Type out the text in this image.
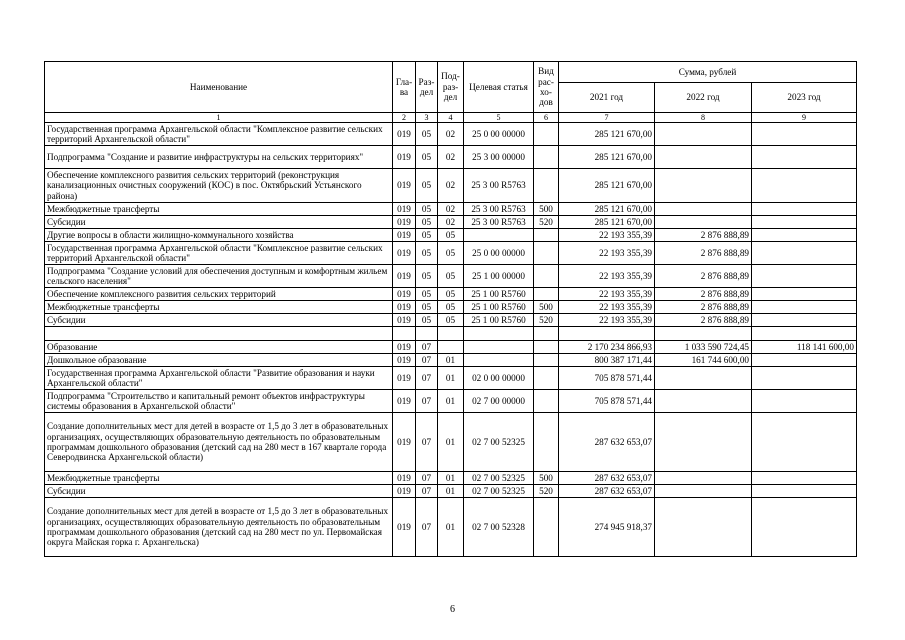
Наименование	Гла-ва	Раз-дел	Под-раз-дел	Целевая статья	Вид рас-хо-дов	Сумма, рублей		
						2021 год	2022 год	2023 год
1	2	3	4	5	6	7	8	9
Государственная программа Архангельской области "Комплексное развитие сельских территорий Архангельской области"	019	05	02	25 0 00 00000		285 121 670,00		
Подпрограмма "Создание и развитие инфраструктуры на сельских территориях"	019	05	02	25 3 00 00000		285 121 670,00		
Обеспечение комплексного развития сельских территорий (реконструкция канализационных очистных сооружений (КОС) в пос. Октябрьский Устьянского района)	019	05	02	25 3 00 R5763		285 121 670,00		
Межбюджетные трансферты	019	05	02	25 3 00 R5763	500	285 121 670,00		
Субсидии	019	05	02	25 3 00 R5763	520	285 121 670,00		
Другие вопросы в области жилищно-коммунального хозяйства	019	05	05			22 193 355,39	2 876 888,89	
Государственная программа Архангельской области "Комплексное развитие сельских территорий Архангельской области"	019	05	05	25 0 00 00000		22 193 355,39	2 876 888,89	
Подпрограмма "Создание условий для обеспечения доступным и комфортным жильем сельского населения"	019	05	05	25 1 00 00000		22 193 355,39	2 876 888,89	
Обеспечение комплексного развития сельских территорий	019	05	05	25 1 00 R5760		22 193 355,39	2 876 888,89	
Межбюджетные трансферты	019	05	05	25 1 00 R5760	500	22 193 355,39	2 876 888,89	
Субсидии	019	05	05	25 1 00 R5760	520	22 193 355,39	2 876 888,89	

Образование	019	07				2 170 234 866,93	1 033 590 724,45	118 141 600,00
Дошкольное образование	019	07	01			800 387 171,44	161 744 600,00	
Государственная программа Архангельской области "Развитие образования и науки Архангельской области"	019	07	01	02 0 00 00000		705 878 571,44		
Подпрограмма "Строительство и капитальный ремонт объектов инфраструктуры системы образования в Архангельской области"	019	07	01	02 7 00 00000		705 878 571,44		
Создание дополнительных мест для детей в возрасте от 1,5 до 3 лет в образовательных организациях, осуществляющих образовательную деятельность по образовательным программам дошкольного образования (детский сад на 280 мест в 167 квартале города Северодвинска Архангельской области)	019	07	01	02 7 00 52325		287 632 653,07		
Межбюджетные трансферты	019	07	01	02 7 00 52325	500	287 632 653,07		
Субсидии	019	07	01	02 7 00 52325	520	287 632 653,07		
Создание дополнительных мест для детей в возрасте от 1,5 до 3 лет в образовательных организациях, осуществляющих образовательную деятельность по образовательным программам дошкольного образования (детский сад на 280 мест по ул. Первомайская округа Майская горка г. Архангельска)	019	07	01	02 7 00 52328		274 945 918,37		
6
